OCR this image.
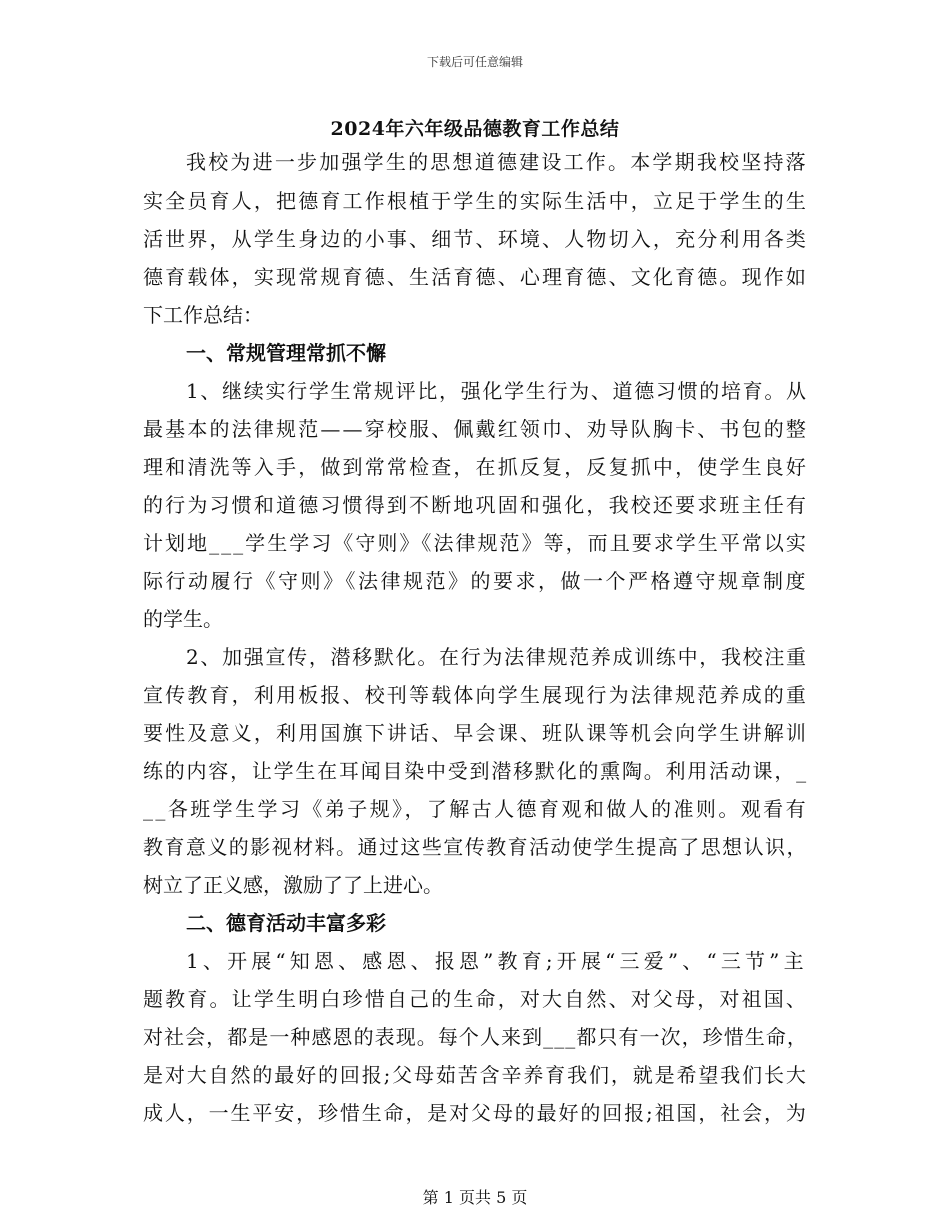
下载后可任意编辑
2024年六年级品德教育工作总结
我校为进一步加强学生的思想道德建设工作。本学期我校坚持落
实全员育人，把德育工作根植于学生的实际生活中，立足于学生的生
活世界，从学生身边的小事、细节、环境、人物切入，充分利用各类
德育载体，实现常规育德、生活育德、心理育德、文化育德。现作如
下工作总结：
一、常规管理常抓不懈
1、继续实行学生常规评比，强化学生行为、道德习惯的培育。从
最基本的法律规范——穿校服、佩戴红领巾、劝导队胸卡、书包的整
理和清洗等入手，做到常常检查，在抓反复，反复抓中，使学生良好
的行为习惯和道德习惯得到不断地巩固和强化，我校还要求班主任有
计划地___学生学习《守则》《法律规范》等，而且要求学生平常以实
际行动履行《守则》《法律规范》的要求，做一个严格遵守规章制度
的学生。
2、加强宣传，潜移默化。在行为法律规范养成训练中，我校注重
宣传教育，利用板报、校刊等载体向学生展现行为法律规范养成的重
要性及意义，利用国旗下讲话、早会课、班队课等机会向学生讲解训
练的内容，让学生在耳闻目染中受到潜移默化的熏陶。利用活动课，_
__各班学生学习《弟子规》，了解古人德育观和做人的准则。观看有
教育意义的影视材料。通过这些宣传教育活动使学生提高了思想认识，
树立了正义感，激励了了上进心。
二、德育活动丰富多彩
1、开展“知恩、感恩、报恩”教育;开展“三爱”、“三节”主
题教育。让学生明白珍惜自己的生命，对大自然、对父母，对祖国、
对社会，都是一种感恩的表现。每个人来到___都只有一次，珍惜生命，
是对大自然的最好的回报;父母茹苦含辛养育我们，就是希望我们长大
成人，一生平安，珍惜生命，是对父母的最好的回报;祖国，社会，为
第 1 页共 5 页
